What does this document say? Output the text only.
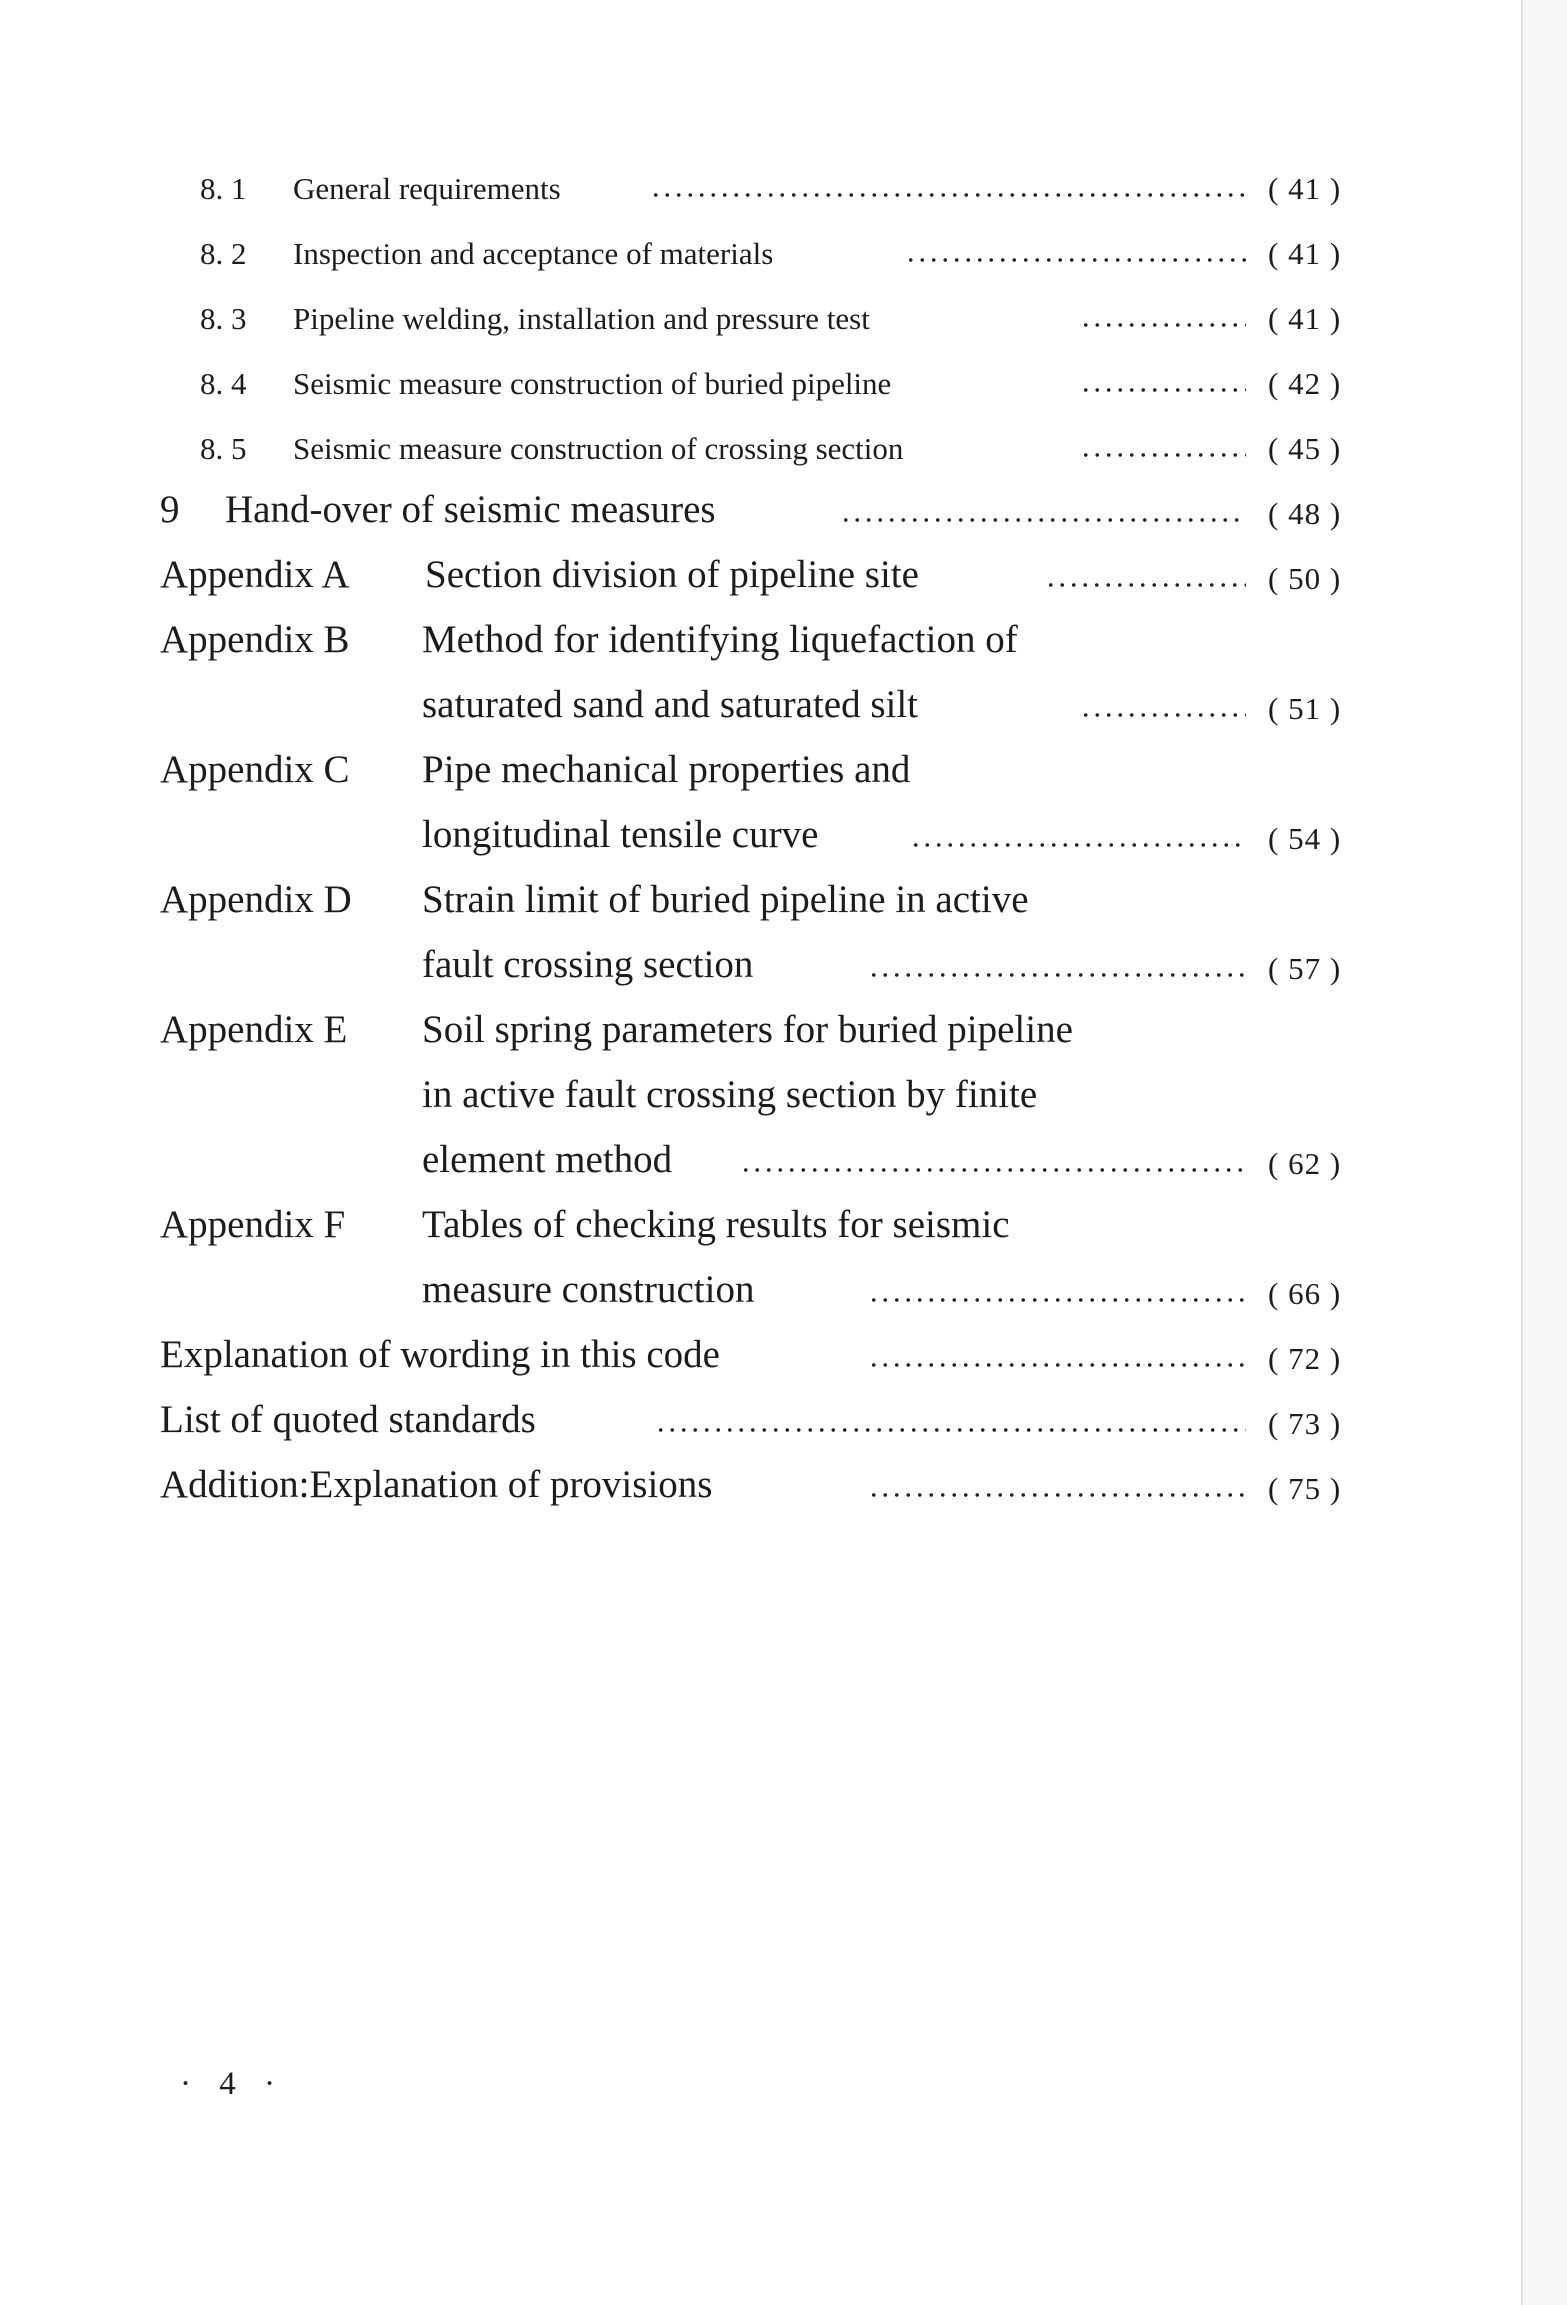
8. 1 General requirements	( 41 )
8. 2 Inspection and acceptance of materials	( 41 )
8. 3 Pipeline welding, installation and pressure test	( 41 )
8. 4 Seismic measure construction of buried pipeline	( 42 )
8. 5 Seismic measure construction of crossing section	( 45 )
9 Hand-over of seismic measures	( 48 )
Appendix A Section division of pipeline site	( 50 )
Appendix B Method for identifying liquefaction of
saturated sand and saturated silt	( 51 )
Appendix C Pipe mechanical properties and
longitudinal tensile curve	( 54 )
Appendix D Strain limit of buried pipeline in active
fault crossing section	( 57 )
Appendix E Soil spring parameters for buried pipeline
in active fault crossing section by finite
element method	( 62 )
Appendix F Tables of checking results for seismic
measure construction	( 66 )
Explanation of wording in this code	( 72 )
List of quoted standards	( 73 )
Addition:Explanation of provisions	( 75 )
· 4 ·
